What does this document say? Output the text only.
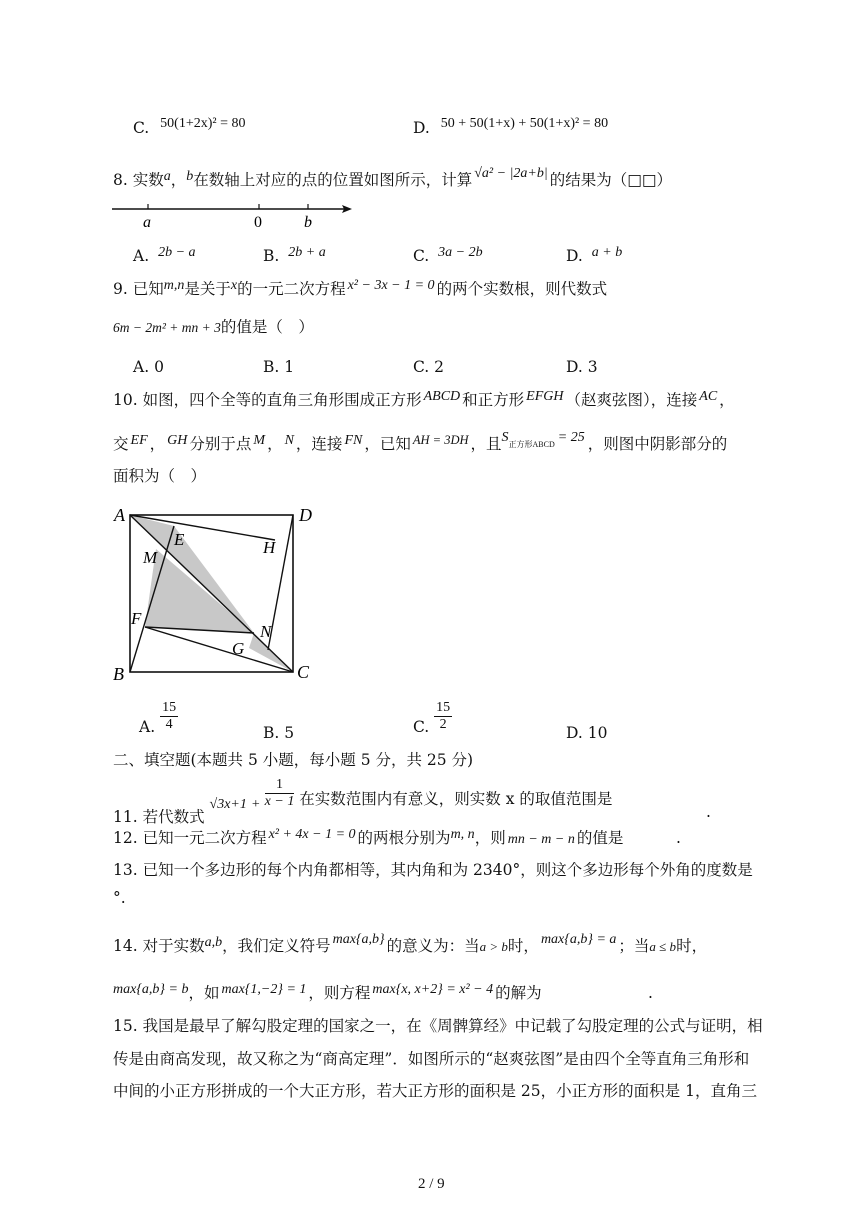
C. 50(1+2x)² = 80	D. 50 + 50(1+x) + 50(1+x)² = 80
8. 实数a，b在数轴上对应的点的位置如图所示，计算 √a² − |2a+b| 的结果为（□□）
a	0	b
A. 2b − a	B. 2b + a	C. 3a − 2b	D. a + b
9. 已知m,n是关于x的一元二次方程 x² − 3x − 1 = 0 的两个实数根，则代数式
6m − 2m² + mn + 3的值是（　）
A. 0	B. 1	C. 2	D. 3
10. 如图，四个全等的直角三角形围成正方形 ABCD 和正方形 EFGH （赵爽弦图），连接 AC ，
交 EF ， GH 分别于点 M ， N ，连接 FN ，已知 $^{AH = 3DH}$ ，且S正方形ABCD = 25 ，则图中阴影部分的
面积为（　）
A	D
B	C
E
M
H
F
N
G
A. $\frac{15}{4}$	B. 5	C. $\frac{15}{2}$	D. 10
二、填空题(本题共 5 小题，每小题 5 分，共 25 分)
11. 若代数式 $√3x+1 + \frac{1}{x - 1}$ 在实数范围内有意义，则实数 x 的取值范围是
.
12. 已知一元二次方程 x² + 4x − 1 = 0 的两根分别为m, n，则 mn − m − n 的值是	.
13. 已知一个多边形的每个内角都相等，其内角和为 2340°，则这个多边形每个外角的度数是
°.
14. 对于实数a,b，我们定义符号 max{a,b} 的意义为：当a > b时， max{a,b} = a ；当a ≤ b时，
max{a,b} = b，如 max{1,−2} = 1 ，则方程 max{x, x+2} = x² − 4 的解为	.
15. 我国是最早了解勾股定理的国家之一，在《周髀算经》中记载了勾股定理的公式与证明，相
传是由商高发现，故又称之为“商高定理”．如图所示的“赵爽弦图”是由四个全等直角三角形和
中间的小正方形拼成的一个大正方形，若大正方形的面积是 25，小正方形的面积是 1，直角三
2 / 9
